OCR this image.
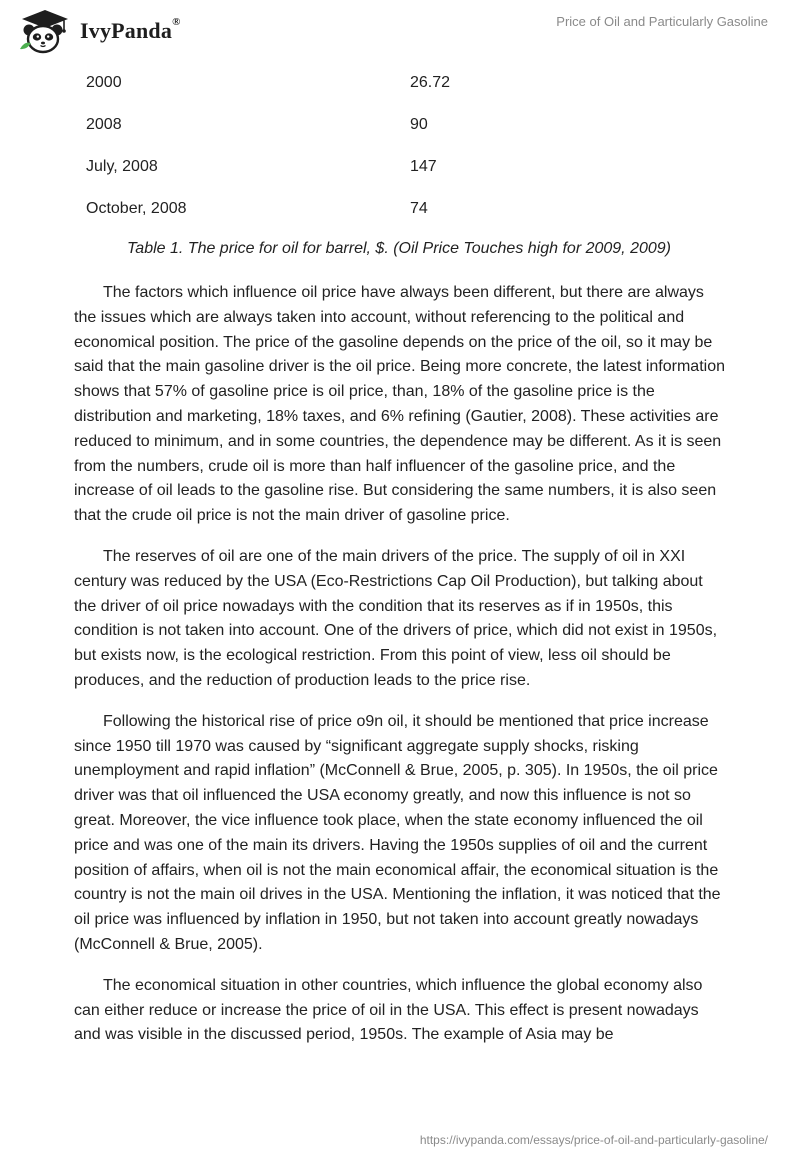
IvyPanda®	Price of Oil and Particularly Gasoline
2000	26.72
2008	90
July, 2008	147
October, 2008	74
Table 1. The price for oil for barrel, $. (Oil Price Touches high for 2009, 2009)

The factors which influence oil price have always been different, but there are always the issues which are always taken into account, without referencing to the political and economical position. The price of the gasoline depends on the price of the oil, so it may be said that the main gasoline driver is the oil price. Being more concrete, the latest information shows that 57% of gasoline price is oil price, than, 18% of the gasoline price is the distribution and marketing, 18% taxes, and 6% refining (Gautier, 2008). These activities are reduced to minimum, and in some countries, the dependence may be different. As it is seen from the numbers, crude oil is more than half influencer of the gasoline price, and the increase of oil leads to the gasoline rise. But considering the same numbers, it is also seen that the crude oil price is not the main driver of gasoline price.

The reserves of oil are one of the main drivers of the price. The supply of oil in XXI century was reduced by the USA (Eco-Restrictions Cap Oil Production), but talking about the driver of oil price nowadays with the condition that its reserves as if in 1950s, this condition is not taken into account. One of the drivers of price, which did not exist in 1950s, but exists now, is the ecological restriction. From this point of view, less oil should be produces, and the reduction of production leads to the price rise.

Following the historical rise of price o9n oil, it should be mentioned that price increase since 1950 till 1970 was caused by “significant aggregate supply shocks, risking unemployment and rapid inflation” (McConnell & Brue, 2005, p. 305). In 1950s, the oil price driver was that oil influenced the USA economy greatly, and now this influence is not so great. Moreover, the vice influence took place, when the state economy influenced the oil price and was one of the main its drivers. Having the 1950s supplies of oil and the current position of affairs, when oil is not the main economical affair, the economical situation is the country is not the main oil drives in the USA. Mentioning the inflation, it was noticed that the oil price was influenced by inflation in 1950, but not taken into account greatly nowadays (McConnell & Brue, 2005).

The economical situation in other countries, which influence the global economy also can either reduce or increase the price of oil in the USA. This effect is present nowadays and was visible in the discussed period, 1950s. The example of Asia may be

https://ivypanda.com/essays/price-of-oil-and-particularly-gasoline/
